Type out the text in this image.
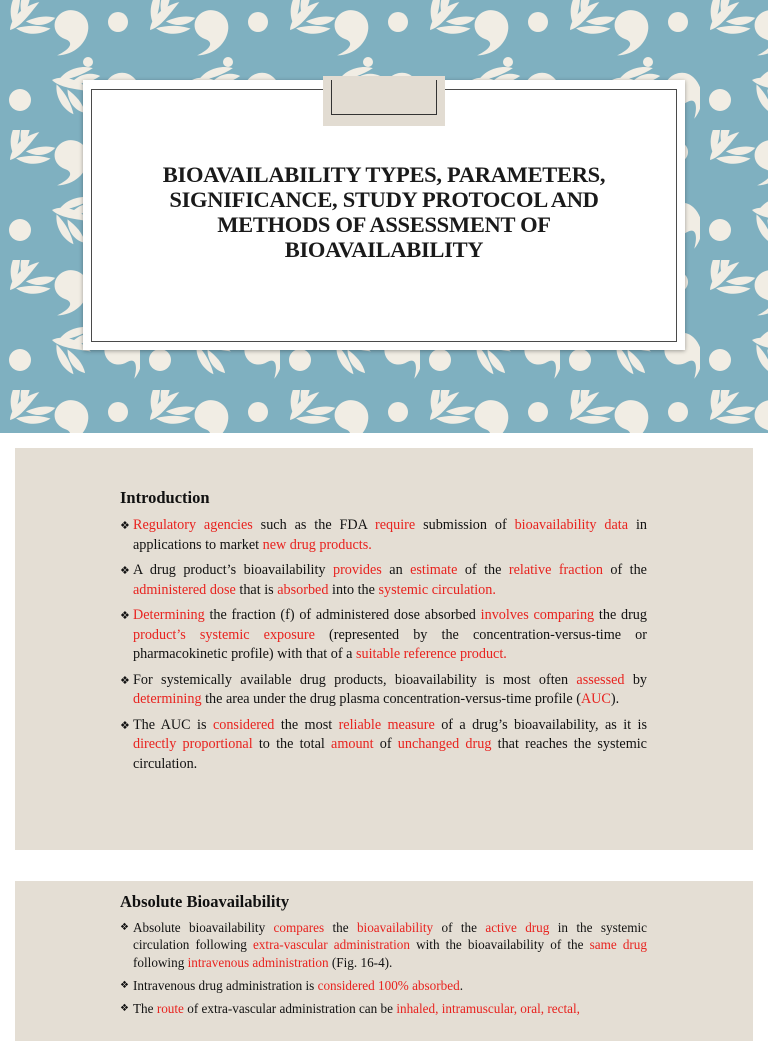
BIOAVAILABILITY TYPES, PARAMETERS,
SIGNIFICANCE, STUDY PROTOCOL AND
METHODS OF ASSESSMENT OF
BIOAVAILABILITY
Introduction
❖ Regulatory agencies such as the FDA require submission of bioavailability data in applications to market new drug products.
❖ A drug product’s bioavailability provides an estimate of the relative fraction of the administered dose that is absorbed into the systemic circulation.
❖ Determining the fraction (f) of administered dose absorbed involves comparing the drug product’s systemic exposure (represented by the concentration-versus-time or pharmacokinetic profile) with that of a suitable reference product.
❖ For systemically available drug products, bioavailability is most often assessed by determining the area under the drug plasma concentration-versus-time profile (AUC).
❖ The AUC is considered the most reliable measure of a drug’s bioavailability, as it is directly proportional to the total amount of unchanged drug that reaches the systemic circulation.
Absolute Bioavailability
❖ Absolute bioavailability compares the bioavailability of the active drug in the systemic circulation following extra-vascular administration with the bioavailability of the same drug following intravenous administration (Fig. 16-4).
❖ Intravenous drug administration is considered 100% absorbed.
❖ The route of extra-vascular administration can be inhaled, intramuscular, oral, rectal,
